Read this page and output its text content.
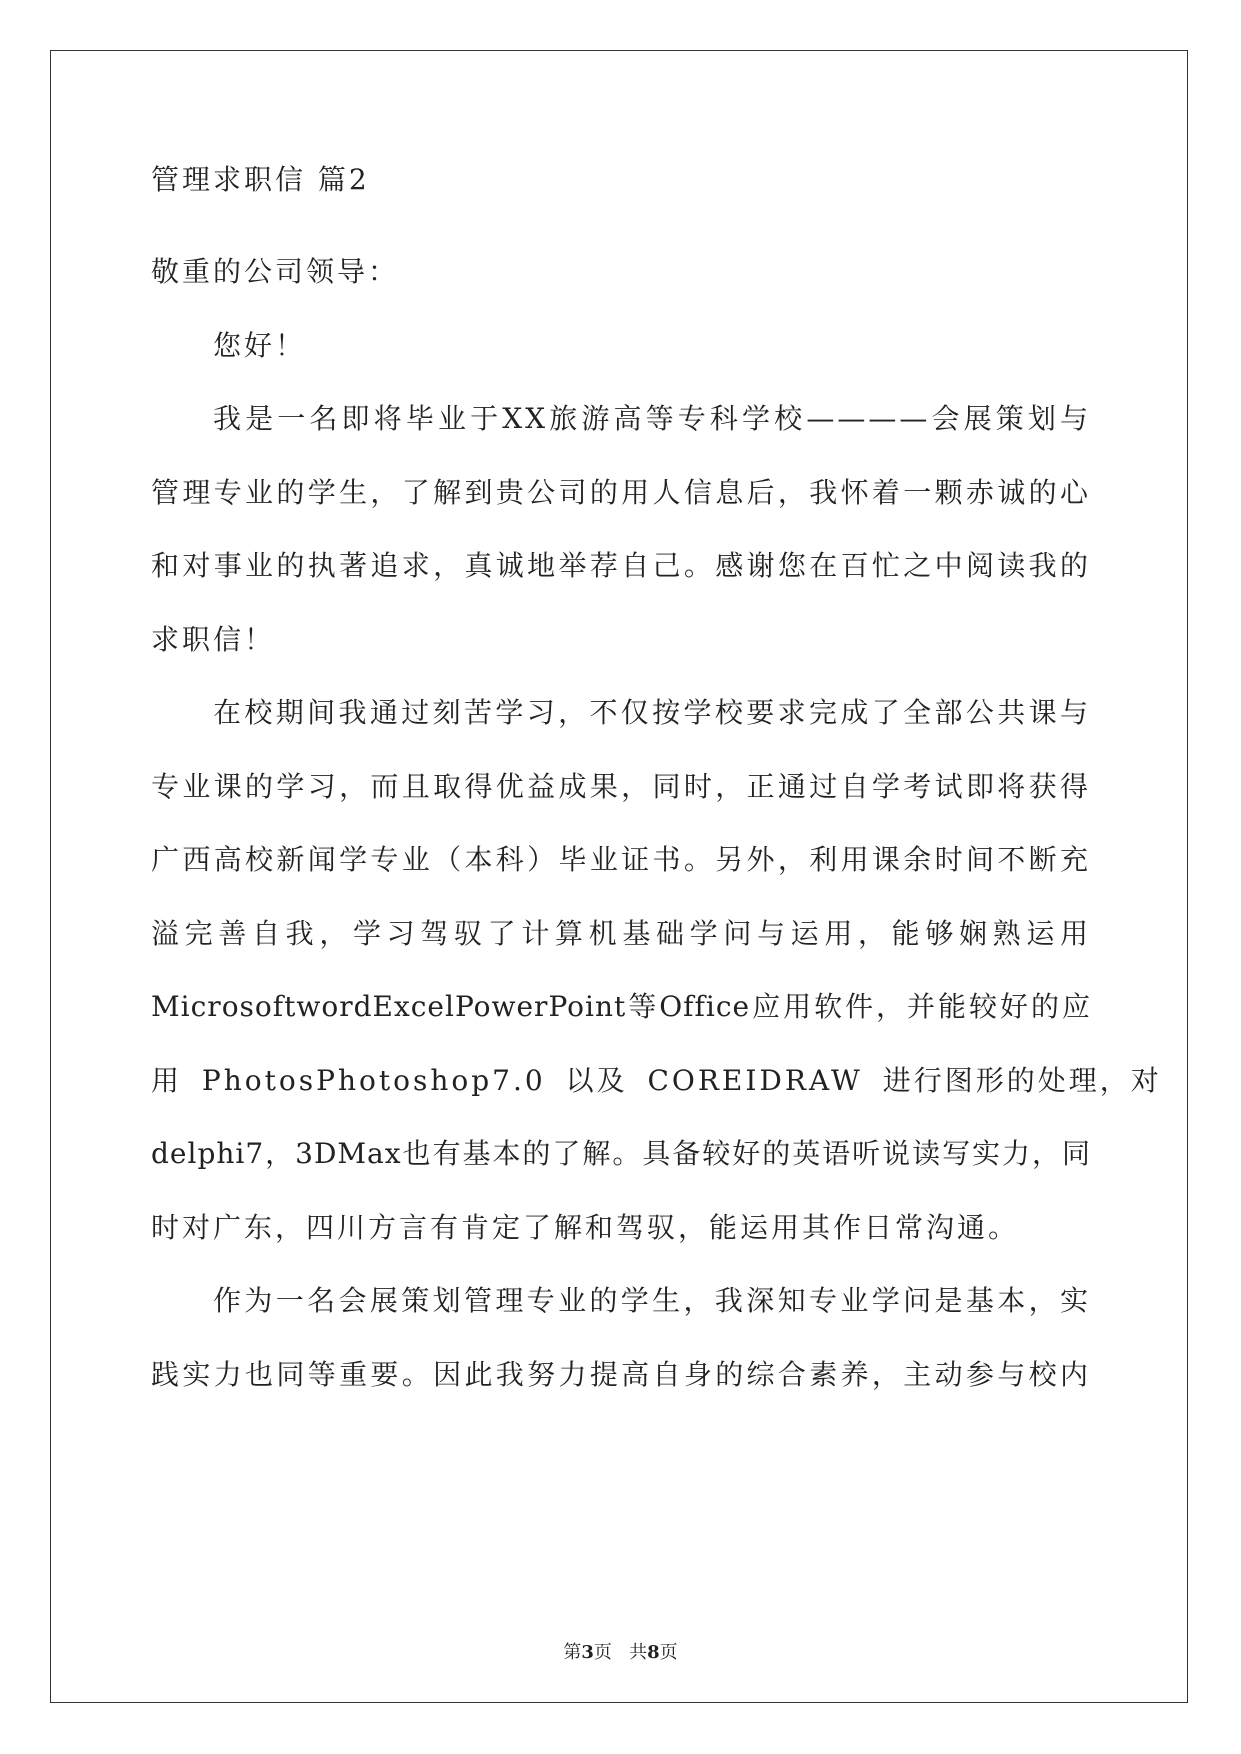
管理求职信 篇2
敬重的公司领导：
您好！
我是一名即将毕业于XX旅游高等专科学校————会展策划与
管理专业的学生，了解到贵公司的用人信息后，我怀着一颗赤诚的心
和对事业的执著追求，真诚地举荐自己。感谢您在百忙之中阅读我的
求职信！
在校期间我通过刻苦学习，不仅按学校要求完成了全部公共课与
专业课的学习，而且取得优益成果，同时，正通过自学考试即将获得
广西高校新闻学专业（本科）毕业证书。另外，利用课余时间不断充
溢完善自我，学习驾驭了计算机基础学问与运用，能够娴熟运用
MicrosoftwordExcelPowerPoint等Office应用软件，并能较好的应
用 PhotosPhotoshop7.0 以及 COREIDRAW 进行图形的处理，对
delphi7，3DMax也有基本的了解。具备较好的英语听说读写实力，同
时对广东，四川方言有肯定了解和驾驭，能运用其作日常沟通。
作为一名会展策划管理专业的学生，我深知专业学问是基本，实
践实力也同等重要。因此我努力提高自身的综合素养，主动参与校内
第3页 共8页
